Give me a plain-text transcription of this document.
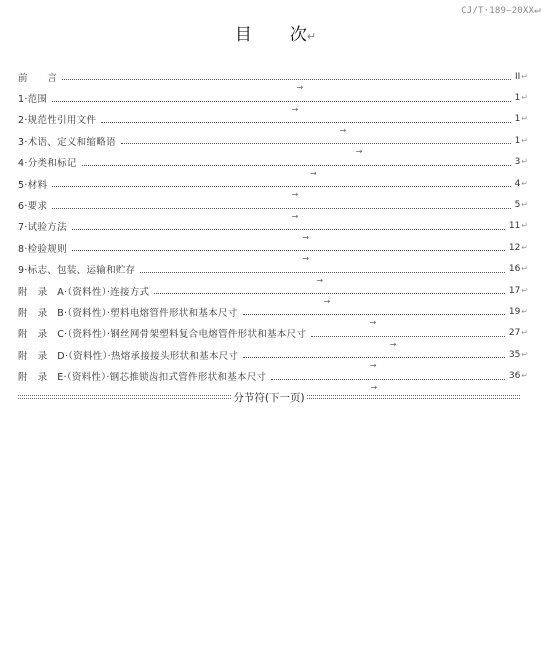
CJ/T·189—20XX↵
目 次↵
前　　言
→
II↵
1·范围
→
1↵
2·规范性引用文件
→
1↵
3·术语、定义和缩略语
→
1↵
4·分类和标记
→
3↵
5·材料
→
4↵
6·要求
→
5↵
7·试验方法
→
11↵
8·检验规则
→
12↵
9·标志、包装、运输和贮存
→
16↵
附　录　A·（资料性）·连接方式
→
17↵
附　录　B·（资料性）·塑料电熔管件形状和基本尺寸
→
19↵
附　录　C·（资料性）·钢丝网骨架塑料复合电熔管件形状和基本尺寸
→
27↵
附　录　D·（资料性）·热熔承接接头形状和基本尺寸
→
35↵
附　录　E·（资料性）·钢芯推锁齿扣式管件形状和基本尺寸
→
36↵
分节符(下一页)
